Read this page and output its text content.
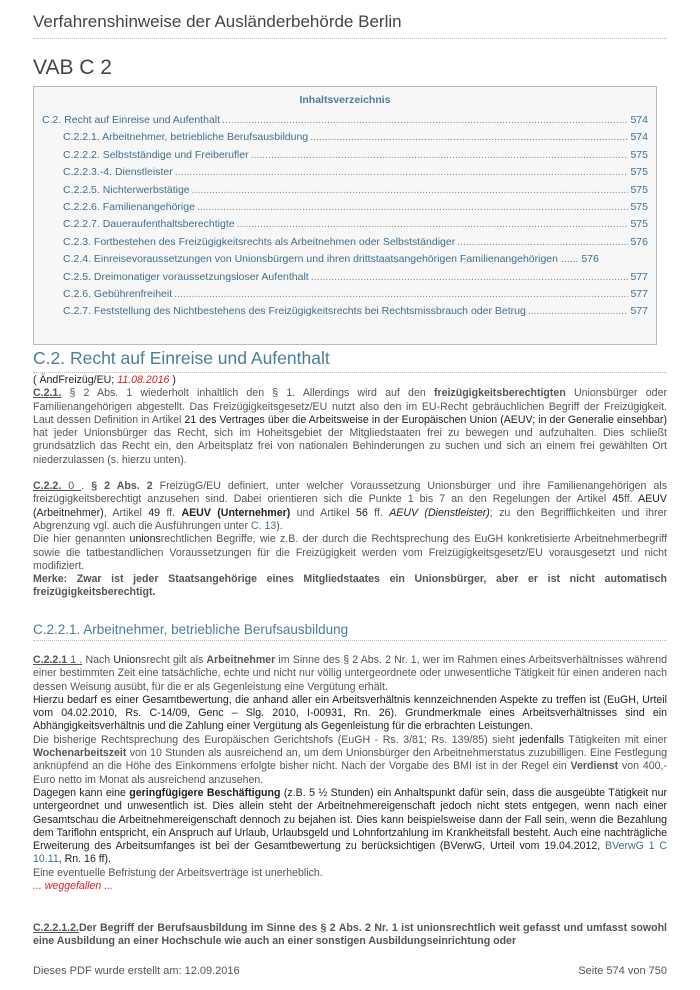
Verfahrenshinweise der Ausländerbehörde Berlin
VAB C 2
Inhaltsverzeichnis
C.2. Recht auf Einreise und Aufenthalt .....	574
C.2.2.1. Arbeitnehmer, betriebliche Berufsausbildung .....	574
C.2.2.2. Selbstständige und Freiberufler .....	575
C.2.2.3.-4. Dienstleister .....	575
C.2.2.5. Nichterwerbstätige .....	575
C.2.2.6. Familienangehörige .....	575
C.2.2.7. Daueraufenthaltsberechtigte .....	575
C.2.3. Fortbestehen des Freizügigkeitsrechts als Arbeitnehmen oder Selbstständiger .....	576
C.2.4. Einreisevoraussetzungen von Unionsbürgern und ihren drittstaatsangehörigen Familienangehörigen ...... 576
C.2.5. Dreimonatiger voraussetzungsloser Aufenthalt .....	577
C.2.6. Gebührenfreiheit .....	577
C.2.7. Feststellung des Nichtbestehens des Freizügigkeitsrechts bei Rechtsmissbrauch oder Betrug .....	577
C.2. Recht auf Einreise und Aufenthalt

( ÄndFreizüg/EU; 11.08.2016 )

C.2.1. § 2 Abs. 1 wiederholt inhaltlich den § 1. Allerdings wird auf den freizügigkeitsberechtigten Unionsbürger oder Familienangehörigen abgestellt. Das Freizügigkeitsgesetz/EU nutzt also den im EU-Recht gebräuchlichen Begriff der Freizügigkeit. Laut dessen Definition in Artikel 21 des Vertrages über die Arbeitsweise in der Europäischen Union (AEUV; in der Generalie einsehbar) hat jeder Unionsbürger das Recht, sich im Hoheitsgebiet der Mitgliedstaaten frei zu bewegen und aufzuhalten. Dies schließt grundsätzlich das Recht ein, den Arbeitsplatz frei von nationalen Behinderungen zu suchen und sich an einem frei gewählten Ort niederzulassen (s. hierzu unten).

C.2.2. 0 . § 2 Abs. 2 FreizügG/EU definiert, unter welcher Voraussetzung Unionsbürger und ihre Familienangehörigen als freizügigkeitsberechtigt anzusehen sind. Dabei orientieren sich die Punkte 1 bis 7 an den Regelungen der Artikel 45ff. AEUV (Arbeitnehmer), Artikel 49 ff. AEUV (Unternehmer) und Artikel 56 ff. AEUV (Dienstleister); zu den Begrifflichkeiten und ihrer Abgrenzung vgl. auch die Ausführungen unter C. 13).

Die hier genannten unionsrechtlichen Begriffe, wie z.B. der durch die Rechtsprechung des EuGH konkretisierte Arbeitnehmerbegriff sowie die tatbestandlichen Voraussetzungen für die Freizügigkeit werden vom Freizügigkeitsgesetz/EU vorausgesetzt und nicht modifiziert.

Merke: Zwar ist jeder Staatsangehörige eines Mitgliedstaates ein Unionsbürger, aber er ist nicht automatisch freizügigkeitsberechtigt.

C.2.2.1. Arbeitnehmer, betriebliche Berufsausbildung

C.2.2.1 1 . Nach Unionsrecht gilt als Arbeitnehmer im Sinne des § 2 Abs. 2 Nr. 1, wer im Rahmen eines Arbeitsverhältnisses während einer bestimmten Zeit eine tatsächliche, echte und nicht nur völlig untergeordnete oder unwesentliche Tätigkeit für einen anderen nach dessen Weisung ausübt, für die er als Gegenleistung eine Vergütung erhält.

Hierzu bedarf es einer Gesamtbewertung, die anhand aller ein Arbeitsverhältnis kennzeichnenden Aspekte zu treffen ist (EuGH, Urteil vom 04.02.2010, Rs. C-14/09, Genc – Slg. 2010, I-00931, Rn. 26). Grundmerkmale eines Arbeitsverhältnisses sind ein Abhängigkeitsverhältnis und die Zahlung einer Vergütung als Gegenleistung für die erbrachten Leistungen.

Die bisherige Rechtsprechung des Europäischen Gerichtshofs (EuGH - Rs. 3/81; Rs. 139/85) sieht jedenfalls Tätigkeiten mit einer Wochenarbeitszeit von 10 Stunden als ausreichend an, um dem Unionsbürger den Arbeitnehmerstatus zuzubilligen. Eine Festlegung anknüpfend an die Höhe des Einkommens erfolgte bisher nicht. Nach der Vorgabe des BMI ist in der Regel ein Verdienst von 400,- Euro netto im Monat als ausreichend anzusehen.

Dagegen kann eine geringfügigere Beschäftigung (z.B. 5 ½ Stunden) ein Anhaltspunkt dafür sein, dass die ausgeübte Tätigkeit nur untergeordnet und unwesentlich ist. Dies allein steht der Arbeitnehmereigenschaft jedoch nicht stets entgegen, wenn nach einer Gesamtschau die Arbeitnehmereigenschaft dennoch zu bejahen ist. Dies kann beispielsweise dann der Fall sein, wenn die Bezahlung dem Tariflohn entspricht, ein Anspruch auf Urlaub, Urlaubsgeld und Lohnfortzahlung im Krankheitsfall besteht. Auch eine nachträgliche Erweiterung des Arbeitsumfanges ist bei der Gesamtbewertung zu berücksichtigen (BVerwG, Urteil vom 19.04.2012, BVerwG 1 C 10.11, Rn. 16 ff).

Eine eventuelle Befristung der Arbeitsverträge ist unerheblich.

... weggefallen ...

C.2.2.1.2.Der Begriff der Berufsausbildung im Sinne des § 2 Abs. 2 Nr. 1 ist unionsrechtlich weit gefasst und umfasst sowohl eine Ausbildung an einer Hochschule wie auch an einer sonstigen Ausbildungseinrichtung oder
Dieses PDF wurde erstellt am: 12.09.2016	Seite 574 von 750
